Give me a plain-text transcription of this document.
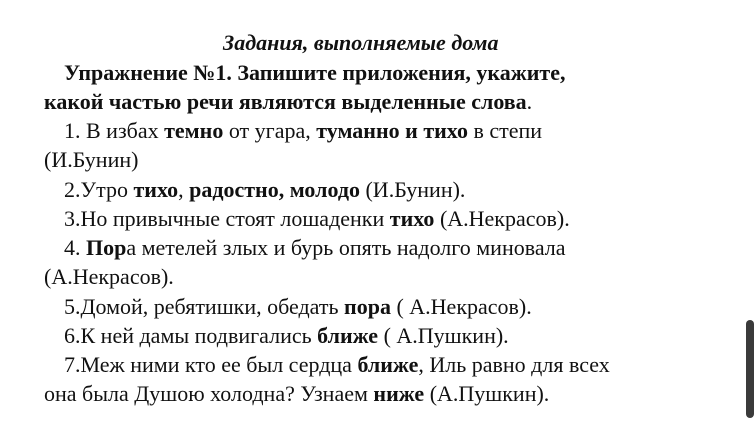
Задания, выполняемые дома

Упражнение №1. Запишите приложения, укажите,

какой частью речи являются выделенные слова.

1. В избах темно от угара, туманно и тихо в степи

(И.Бунин)

2.Утро тихо, радостно, молодо (И.Бунин).

3.Но привычные стоят лошаденки тихо (А.Некрасов).

4. Пора метелей злых и бурь опять надолго миновала

(А.Некрасов).

5.Домой, ребятишки, обедать пора ( А.Некрасов).

6.К ней дамы подвигались ближе ( А.Пушкин).

7.Меж ними кто ее был сердца ближе, Иль равно для всех

она была Душою холодна? Узнаем ниже (А.Пушкин).
